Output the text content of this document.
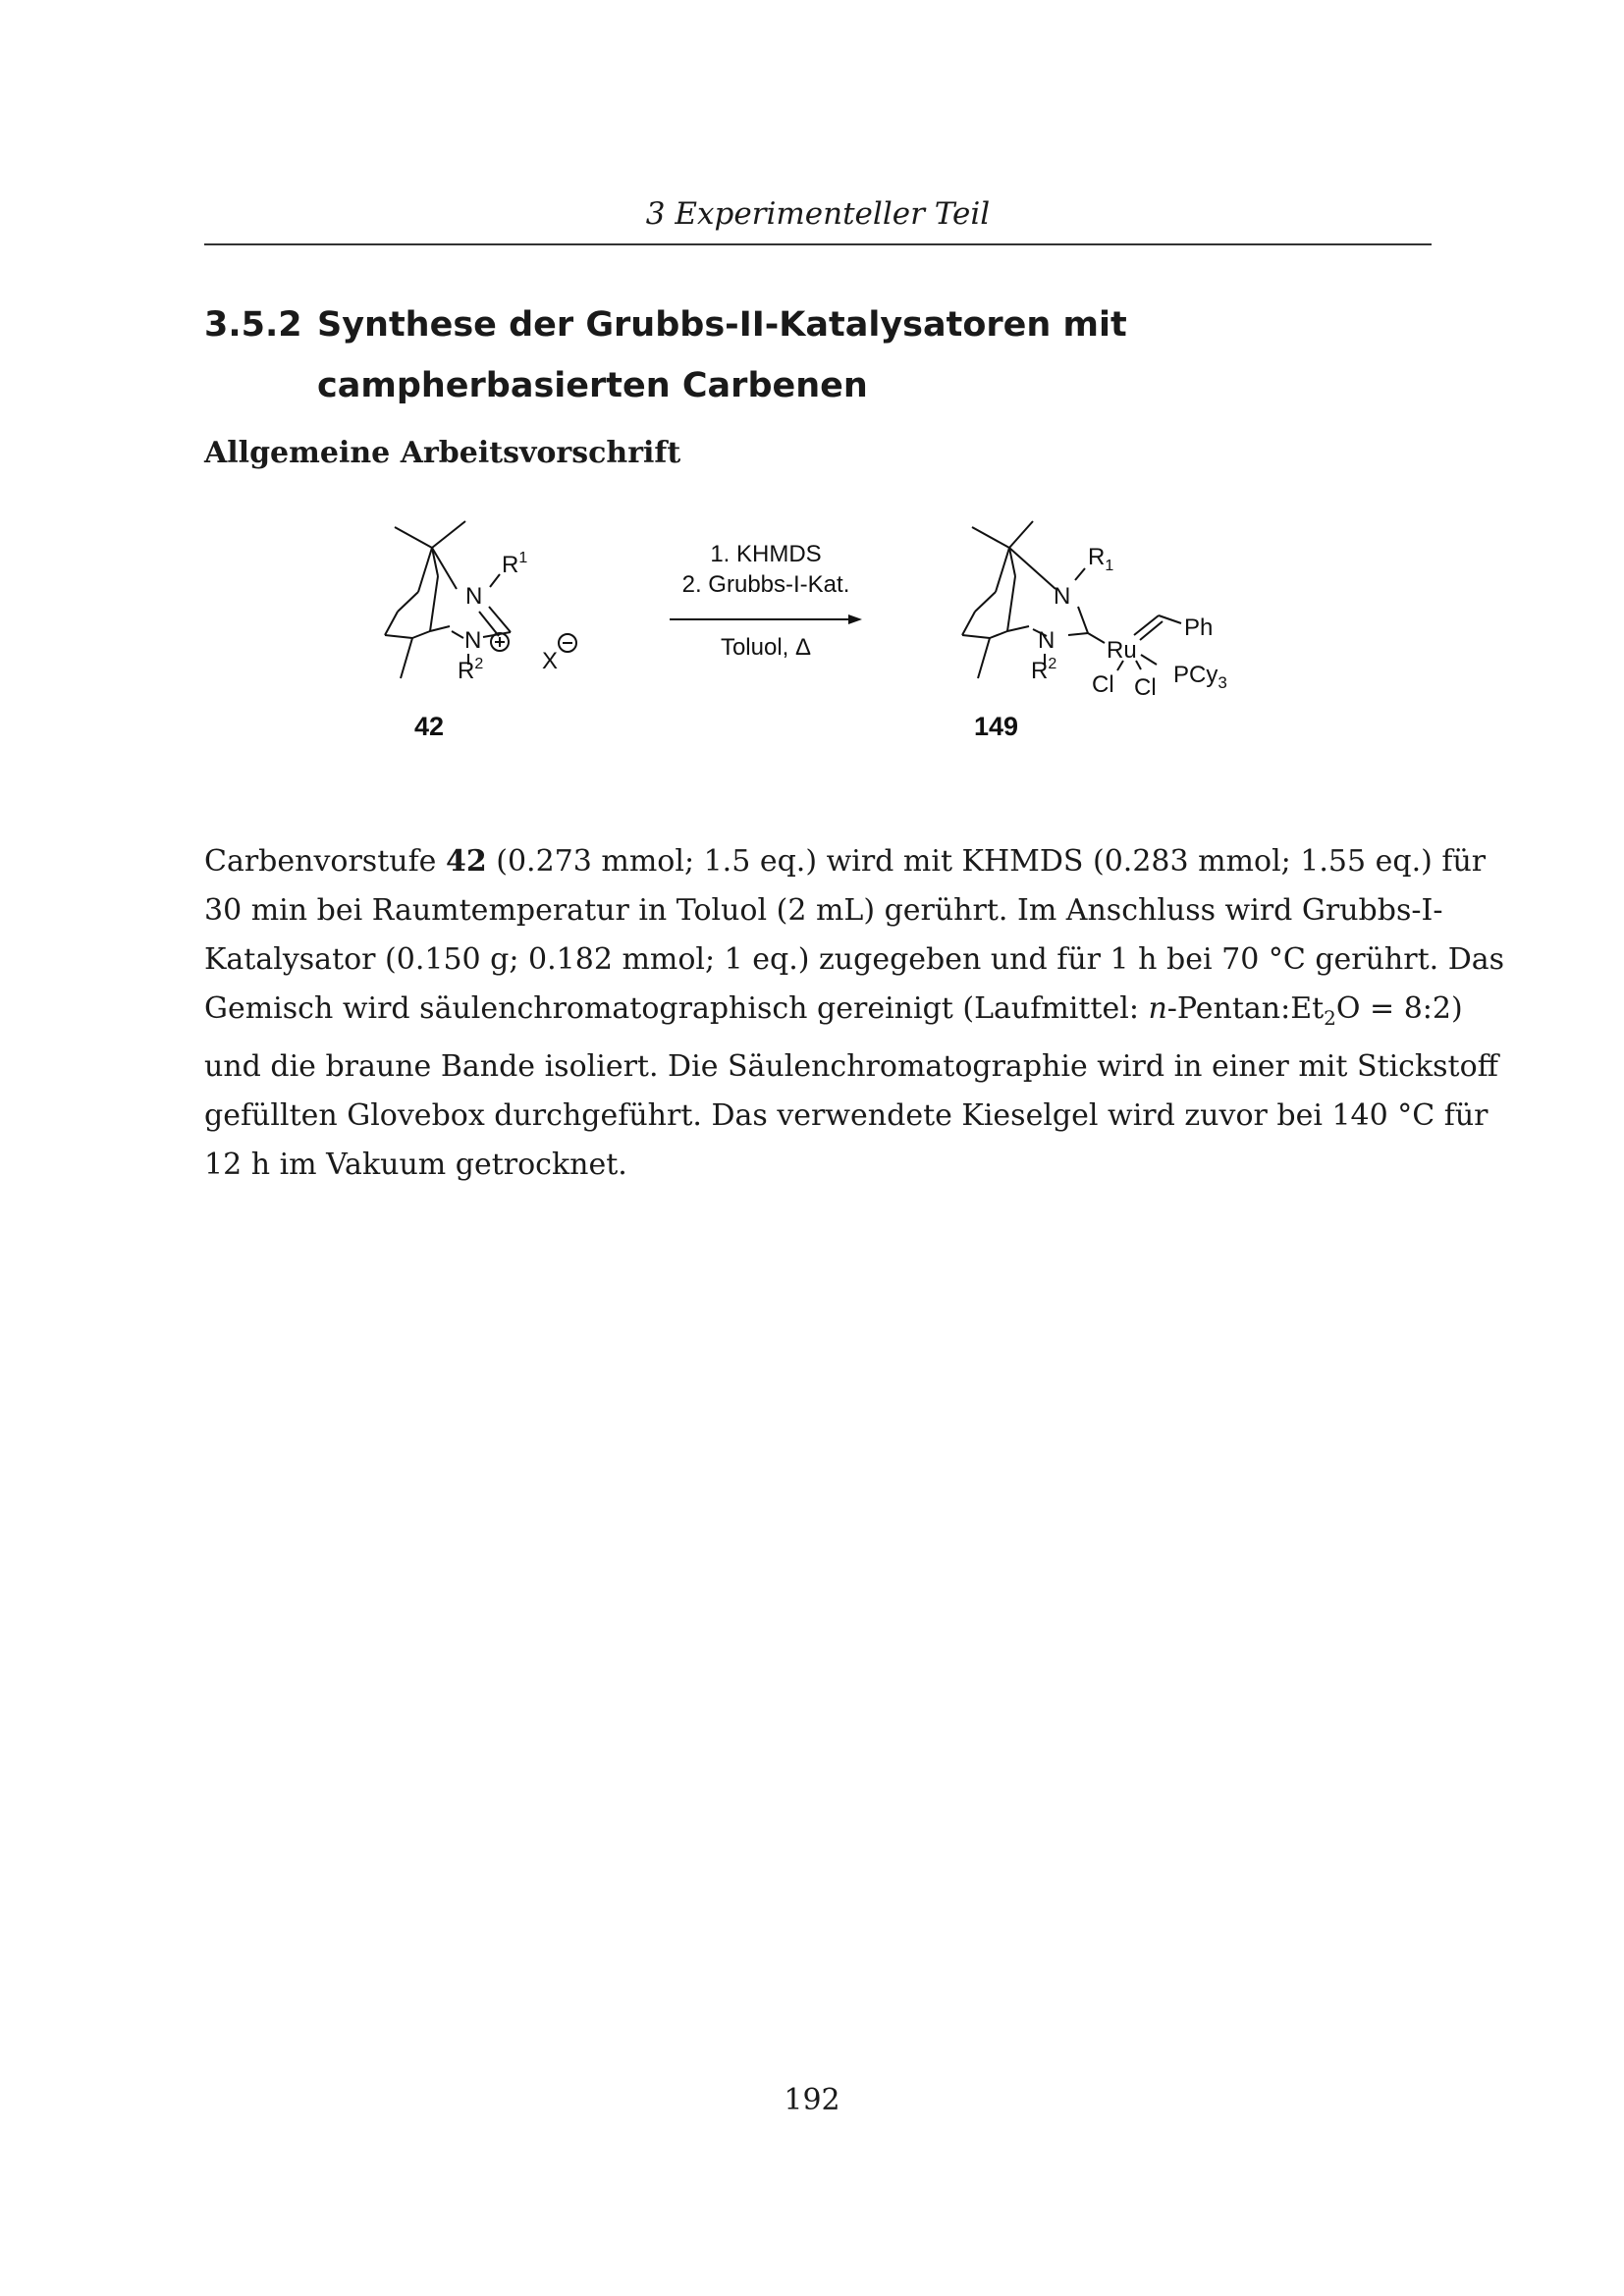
3 Experimenteller Teil
3.5.2 Synthese der Grubbs-II-Katalysatoren mit campherbasierten Carbenen
Allgemeine Arbeitsvorschrift
N
N
$R^1$
$R^2$ X
42
1. KHMDS
2. Grubbs-I-Kat.
Toluol, Δ
N
N
$R_1$
$R^2$
Ru
Ph
Cl Cl PCy$_3$
149
Carbenvorstufe 42 (0.273 mmol; 1.5 eq.) wird mit KHMDS (0.283 mmol; 1.55 eq.) für
30 min bei Raumtemperatur in Toluol (2 mL) gerührt. Im Anschluss wird Grubbs-I-
Katalysator (0.150 g; 0.182 mmol; 1 eq.) zugegeben und für 1 h bei 70 °C gerührt. Das
Gemisch wird säulenchromatographisch gereinigt (Laufmittel: $n-Pentan:Et_2O$ = 8:2)
und die braune Bande isoliert. Die Säulenchromatographie wird in einer mit Stickstoff
gefüllten Glovebox durchgeführt. Das verwendete Kieselgel wird zuvor bei 140 °C für
12 h im Vakuum getrocknet.
192
